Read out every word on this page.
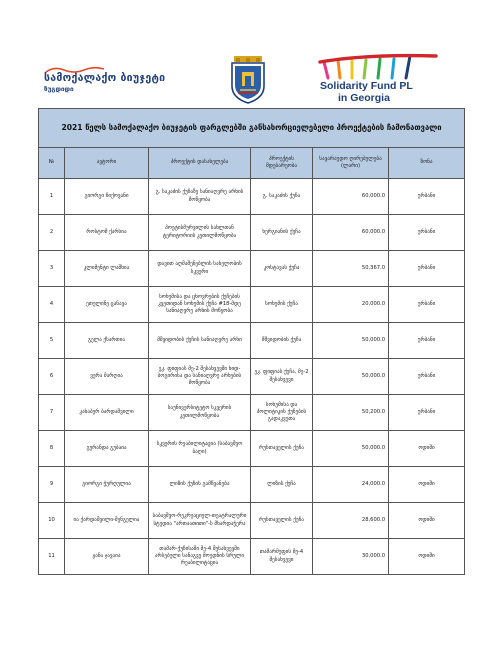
სამოქალაქო ბიუჯეტი
ზუგდიდი	Solidarity Fund PL
in Georgia
2021 წელს სამოქალაქო ბიუჯეტის ფარგლებში განსახორციელებელი პროექტების ჩამონათვალი					
№	ავტორი	პროექტის დასახელება	პროექტის მდებარეობა	სავარაუდო ღირებულება (ლარი)	ზონა
1	გიორგი ჩიქოვანი	გ. საკაძის ქუჩაზე სანიაღვრე არხის მოწყობა	გ. საკაძის ქუჩა	60,000.0	ურბანი
2	როსტომ ქარსია	პოეტისმურვილის სახლთან ტერიტორიის კეთილმოწყობა	ხერგიანის ქუჩა	60,000.0	ურბანი
3	კლიმენტი ლაშხია	დავით აღმაშენებლის სახელობის სკვერი	კოსტავას ქუჩა	50,367.0	ურბანი
4	ეთელინე ცანავა	სოხუმისა და ცხოვრების ქუჩების კვეთიდან სოხუმის ქუჩა #18-მდე სანიაღვრე არხის მოწყობა	სოხუმის ქუჩა	20,000.0	ურბანი
5	გელა ქსართია	მშვიდობის ქუჩის სანიაღვრე არხი	მშვიდობის ქუჩა	50,000.0	ურბანი
6	ვერა მარღია	ეკ. ფიფიას მე-2 შესახვევში ხიდ-ბოგირისა და სანიაღვრე არხების მოწყობა	ეკ. ფიფიას ქუჩა, მე-2 შესახვევი	50,000.0	ურბანი
7	კახაბერ ბარდაშვილი	საუნივერსიტეტო სკვერის კეთილმოწყობა	სოხუმისა და პოლიტიკის ქუჩების გადაკვეთა	50,200.0	ურბანი
8	გურანდა გუბაია	სკვერის რეაბილიტაცია (საბავშვო ბაღი)	რუსთაველის ქუჩა	50,000.0	ოდიში
9	გიორგი ჭურღულია	ლიზის ქუჩის გამწვანება	ლიზის ქუჩა	24,000.0	ოდიში
10	ია ქარდაშვილი-შენგელია	საბავშვო-რეკრეაციულ-თეატრალური სტუდია "ართაათითი"-ს მხარდაჭერა	რუსთაველის ქუჩა	28,600.0	ოდიში
11	ჟანა ჯავაია	თამარ-ქუჩისაში მე-4 შესახვევში არსებული სანაგვე მოედნის სრული რეაბილიტაცია	თამარმეფის მე-4 შესახვევი	30,000.0	ოდიში
